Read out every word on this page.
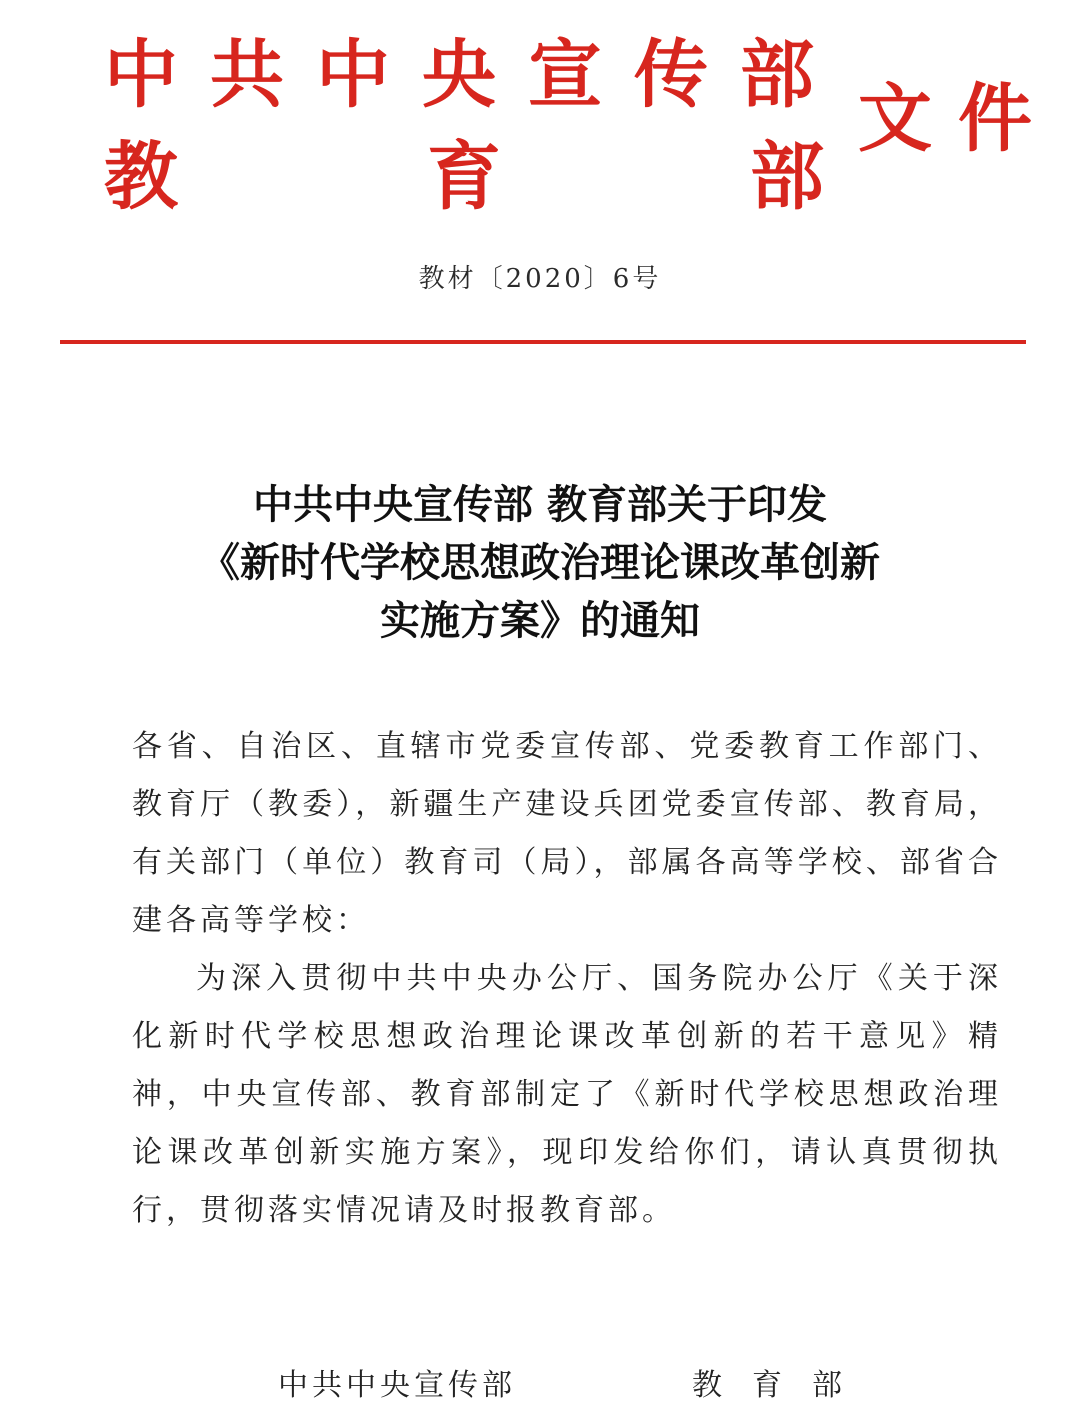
中共中央宣传部
教	育	部
文件
教材〔2020〕6号
中共中央宣传部 教育部关于印发
《新时代学校思想政治理论课改革创新
实施方案》的通知

各省、自治区、直辖市党委宣传部、党委教育工作部门、教育厅（教委），新疆生产建设兵团党委宣传部、教育局，有关部门（单位）教育司（局），部属各高等学校、部省合建各高等学校：

为深入贯彻中共中央办公厅、国务院办公厅《关于深化新时代学校思想政治理论课改革创新的若干意见》精神，中央宣传部、教育部制定了《新时代学校思想政治理论课改革创新实施方案》，现印发给你们，请认真贯彻执行，贯彻落实情况请及时报教育部。

中共中央宣传部	教育部
